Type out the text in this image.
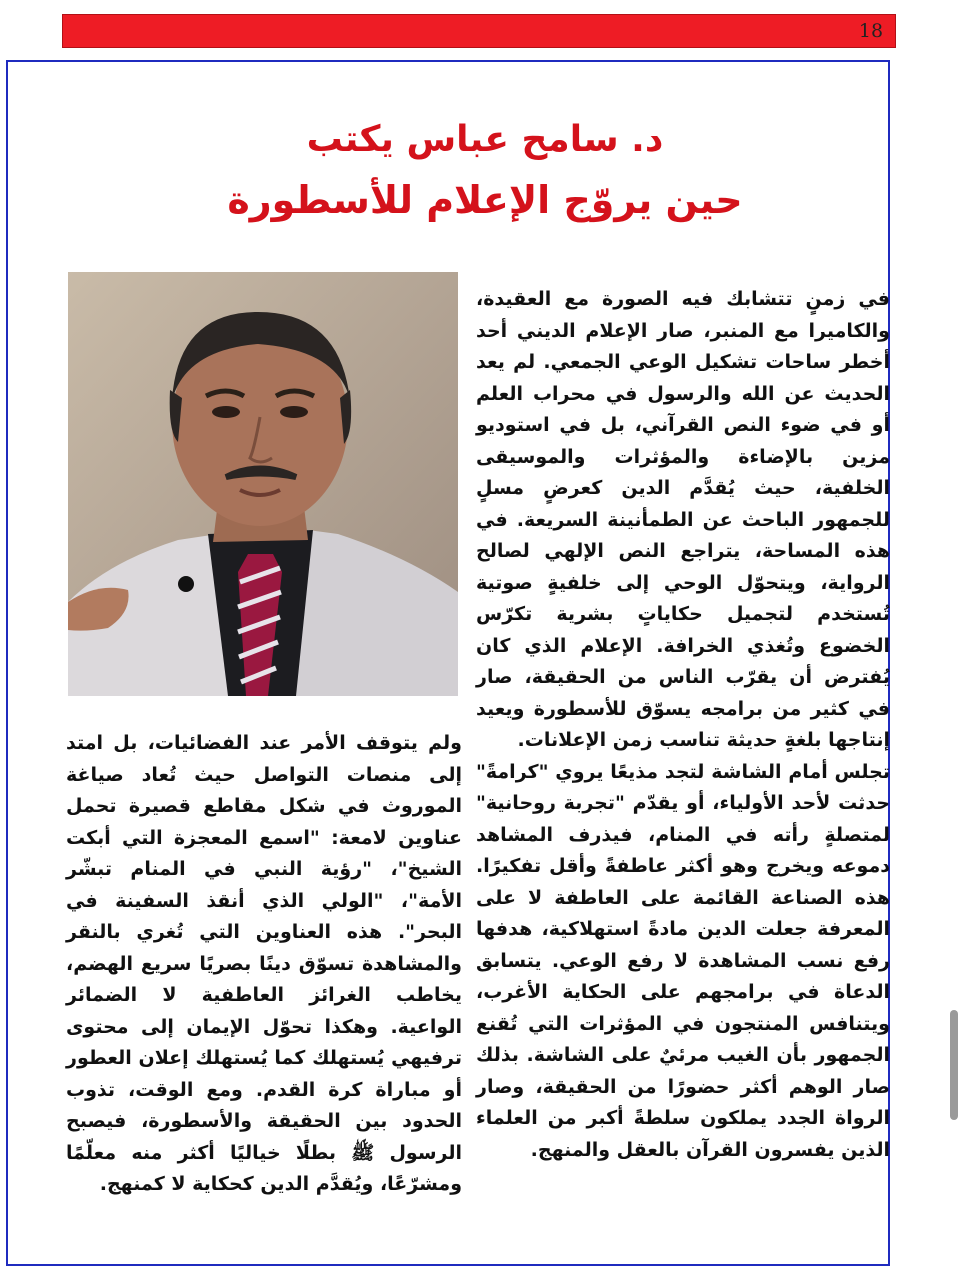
18
د. سامح عباس يكتب
حين يروّج الإعلام للأسطورة

في زمنٍ تتشابك فيه الصورة مع العقيدة، والكاميرا مع المنبر، صار الإعلام الديني أحد أخطر ساحات تشكيل الوعي الجمعي. لم يعد الحديث عن الله والرسول في محراب العلم أو في ضوء النص القرآني، بل في استوديو مزين بالإضاءة والمؤثرات والموسيقى الخلفية، حيث يُقدَّم الدين كعرضٍ مسلٍ للجمهور الباحث عن الطمأنينة السريعة. في هذه المساحة، يتراجع النص الإلهي لصالح الرواية، ويتحوّل الوحي إلى خلفيةٍ صوتية تُستخدم لتجميل حكاياتٍ بشرية تكرّس الخضوع وتُغذي الخرافة. الإعلام الذي كان يُفترض أن يقرّب الناس من الحقيقة، صار في كثير من برامجه يسوّق للأسطورة ويعيد إنتاجها بلغةٍ حديثة تناسب زمن الإعلانات.

تجلس أمام الشاشة لتجد مذيعًا يروي "كرامةً" حدثت لأحد الأولياء، أو يقدّم "تجربة روحانية" لمتصلةٍ رأته في المنام، فيذرف المشاهد دموعه ويخرج وهو أكثر عاطفةً وأقل تفكيرًا. هذه الصناعة القائمة على العاطفة لا على المعرفة جعلت الدين مادةً استهلاكية، هدفها رفع نسب المشاهدة لا رفع الوعي. يتسابق الدعاة في برامجهم على الحكاية الأغرب، ويتنافس المنتجون في المؤثرات التي تُقنع الجمهور بأن الغيب مرئيٌ على الشاشة. بذلك صار الوهم أكثر حضورًا من الحقيقة، وصار الرواة الجدد يملكون سلطةً أكبر من العلماء الذين يفسرون القرآن بالعقل والمنهج.

ولم يتوقف الأمر عند الفضائيات، بل امتد إلى منصات التواصل حيث تُعاد صياغة الموروث في شكل مقاطع قصيرة تحمل عناوين لامعة: "اسمع المعجزة التي أبكت الشيخ"، "رؤية النبي في المنام تبشّر الأمة"، "الولي الذي أنقذ السفينة في البحر". هذه العناوين التي تُغري بالنقر والمشاهدة تسوّق دينًا بصريًا سريع الهضم، يخاطب الغرائز العاطفية لا الضمائر الواعية. وهكذا تحوّل الإيمان إلى محتوى ترفيهي يُستهلك كما يُستهلك إعلان العطور أو مباراة كرة القدم. ومع الوقت، تذوب الحدود بين الحقيقة والأسطورة، فيصبح الرسول ﷺ بطلًا خياليًا أكثر منه معلّمًا ومشرّعًا، ويُقدَّم الدين كحكاية لا كمنهج.
